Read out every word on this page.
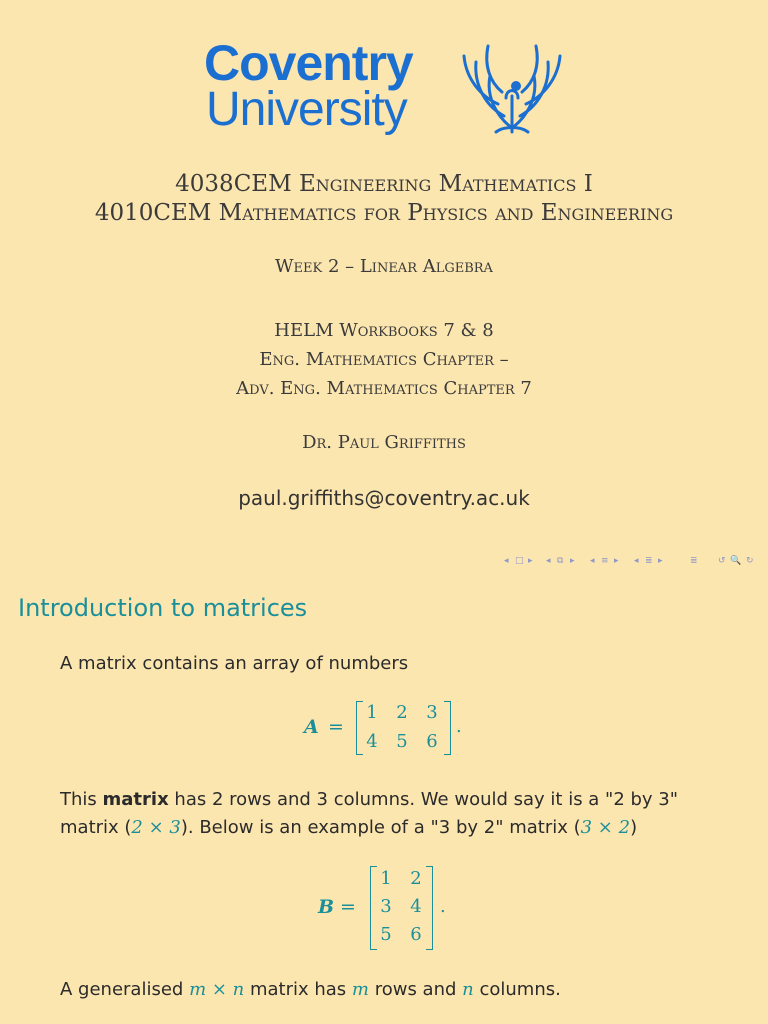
Coventry
University
4038CEM Engineering Mathematics I
4010CEM Mathematics for Physics and Engineering
Week 2 – Linear Algebra
HELM Workbooks 7 & 8
Eng. Mathematics Chapter –
Adv. Eng. Mathematics Chapter 7
Dr. Paul Griffiths
paul.griffiths@coventry.ac.uk
◂ □ ▸ ◂ ⧉ ▸ ◂ ≡ ▸ ◂ ≣ ▸	≣ ↺ 🔍 ↻
Introduction to matrices
A matrix contains an array of numbers
A =
1	2	3
4	5	6
.
This matrix has 2 rows and 3 columns. We would say it is a "2 by 3"
matrix (2 × 3). Below is an example of a "3 by 2" matrix (3 × 2)
B =
1	2
3	4
5	6
.
A generalised m × n matrix has m rows and n columns.
